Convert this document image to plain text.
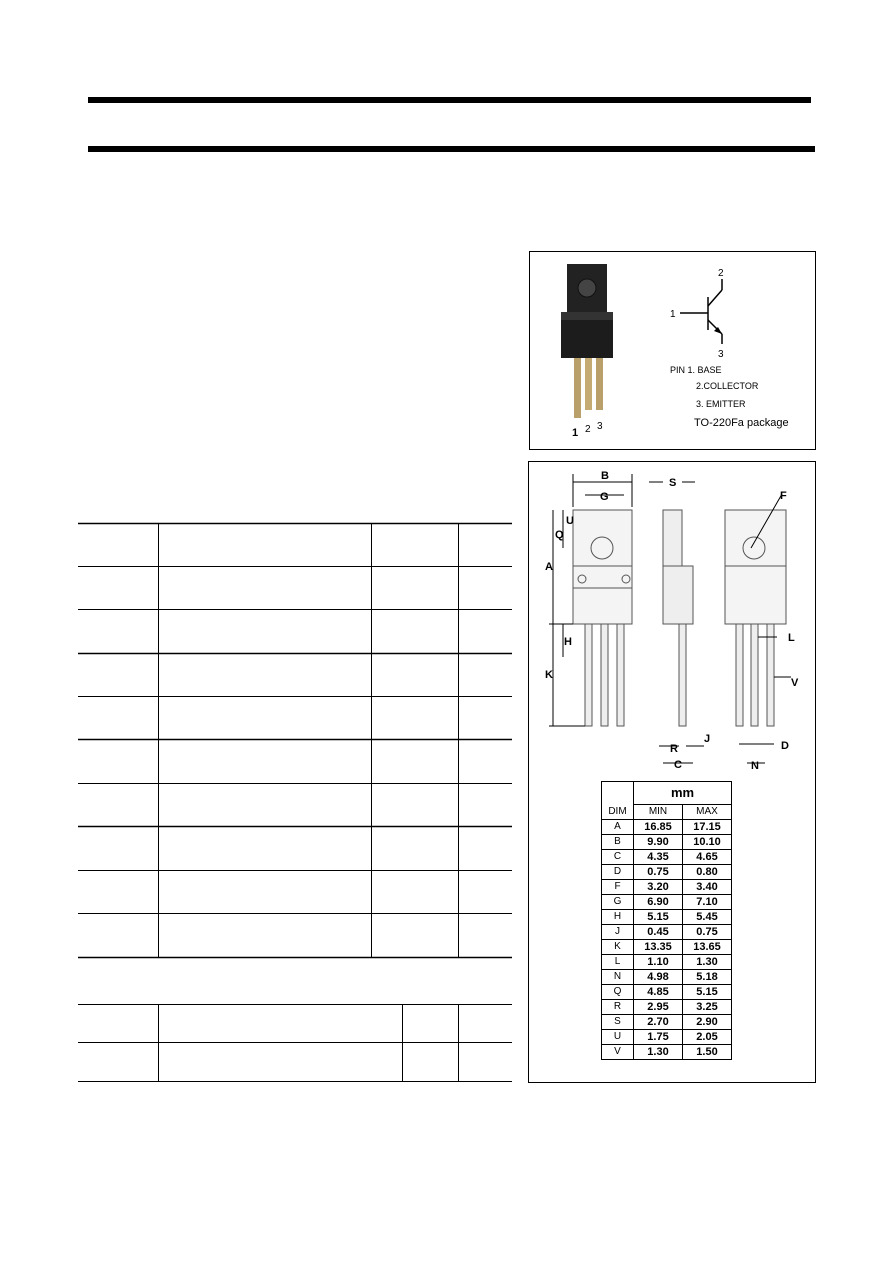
1 2 3
1
2
3
PIN 1. BASE
2.COLLECTOR
3. EMITTER
TO-220Fa package
B
G
S
F
U
Q
A
H
K
L
V
J
R
C	N
D
DIM	mm	
	MIN	MAX
A	16.85	17.15
B	9.90	10.10
C	4.35	4.65
D	0.75	0.80
F	3.20	3.40
G	6.90	7.10
H	5.15	5.45
J	0.45	0.75
K	13.35	13.65
L	1.10	1.30
N	4.98	5.18
Q	4.85	5.15
R	2.95	3.25
S	2.70	2.90
U	1.75	2.05
V	1.30	1.50
